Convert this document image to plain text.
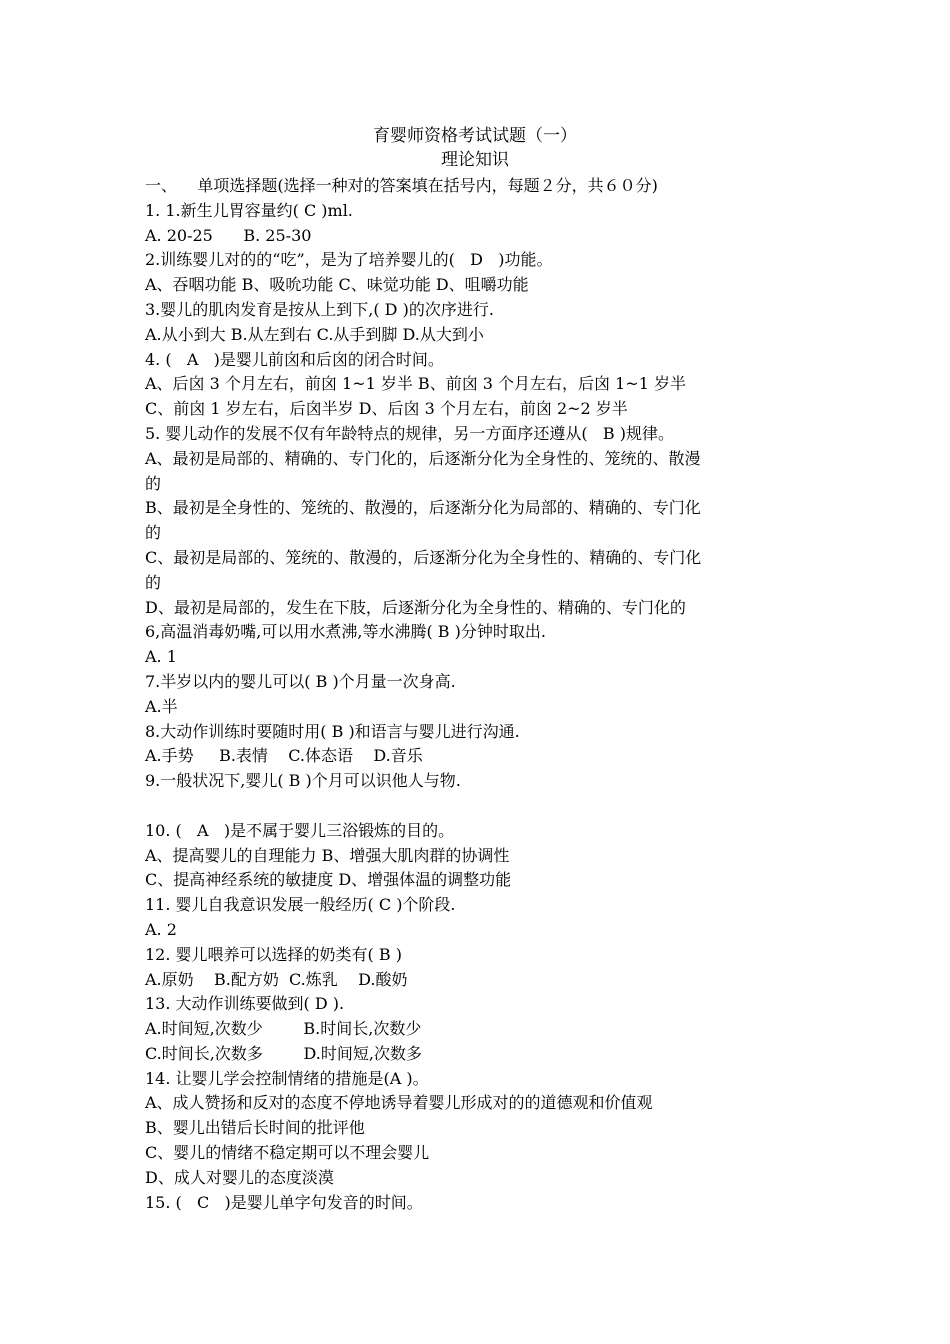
育婴师资格考试试题（一）
理论知识
一、    单项选择题(选择一种对的答案填在括号内，每题２分，共６０分)
1. 1.新生儿胃容量约( C )ml.
A. 20-25      B. 25-30
2.训练婴儿对的的“吃”，是为了培养婴儿的(   D   )功能。
A、吞咽功能 B、吸吮功能 C、味觉功能 D、咀嚼功能
3.婴儿的肌肉发育是按从上到下,( D )的次序进行.
A.从小到大 B.从左到右 C.从手到脚 D.从大到小
4. (   A   )是婴儿前囟和后囟的闭合时间。
A、后囟 3 个月左右，前囟 1~1 岁半 B、前囟 3 个月左右，后囟 1~1 岁半
C、前囟 1 岁左右，后囟半岁 D、后囟 3 个月左右，前囟 2~2 岁半
5. 婴儿动作的发展不仅有年龄特点的规律，另一方面序还遵从(   B )规律。
A、最初是局部的、精确的、专门化的，后逐渐分化为全身性的、笼统的、散漫
的
B、最初是全身性的、笼统的、散漫的，后逐渐分化为局部的、精确的、专门化
的
C、最初是局部的、笼统的、散漫的，后逐渐分化为全身性的、精确的、专门化
的
D、最初是局部的，发生在下肢，后逐渐分化为全身性的、精确的、专门化的
6,高温消毒奶嘴,可以用水煮沸,等水沸腾( B )分钟时取出.
A. 1
7.半岁以内的婴儿可以( B )个月量一次身高.
A.半
8.大动作训练时要随时用( B )和语言与婴儿进行沟通.
A.手势     B.表情    C.体态语    D.音乐
9.一般状况下,婴儿( B )个月可以识他人与物.
10. (   A   )是不属于婴儿三浴锻炼的目的。
A、提高婴儿的自理能力 B、增强大肌肉群的协调性
C、提高神经系统的敏捷度 D、增强体温的调整功能
11. 婴儿自我意识发展一般经历( C )个阶段.
A. 2
12. 婴儿喂养可以选择的奶类有( B )
A.原奶    B.配方奶  C.炼乳    D.酸奶
13. 大动作训练要做到( D ).
A.时间短,次数少        B.时间长,次数少
C.时间长,次数多        D.时间短,次数多
14. 让婴儿学会控制情绪的措施是(A )。
A、成人赞扬和反对的态度不停地诱导着婴儿形成对的的道德观和价值观
B、婴儿出错后长时间的批评他
C、婴儿的情绪不稳定期可以不理会婴儿
D、成人对婴儿的态度淡漠
15. (   C   )是婴儿单字句发音的时间。
